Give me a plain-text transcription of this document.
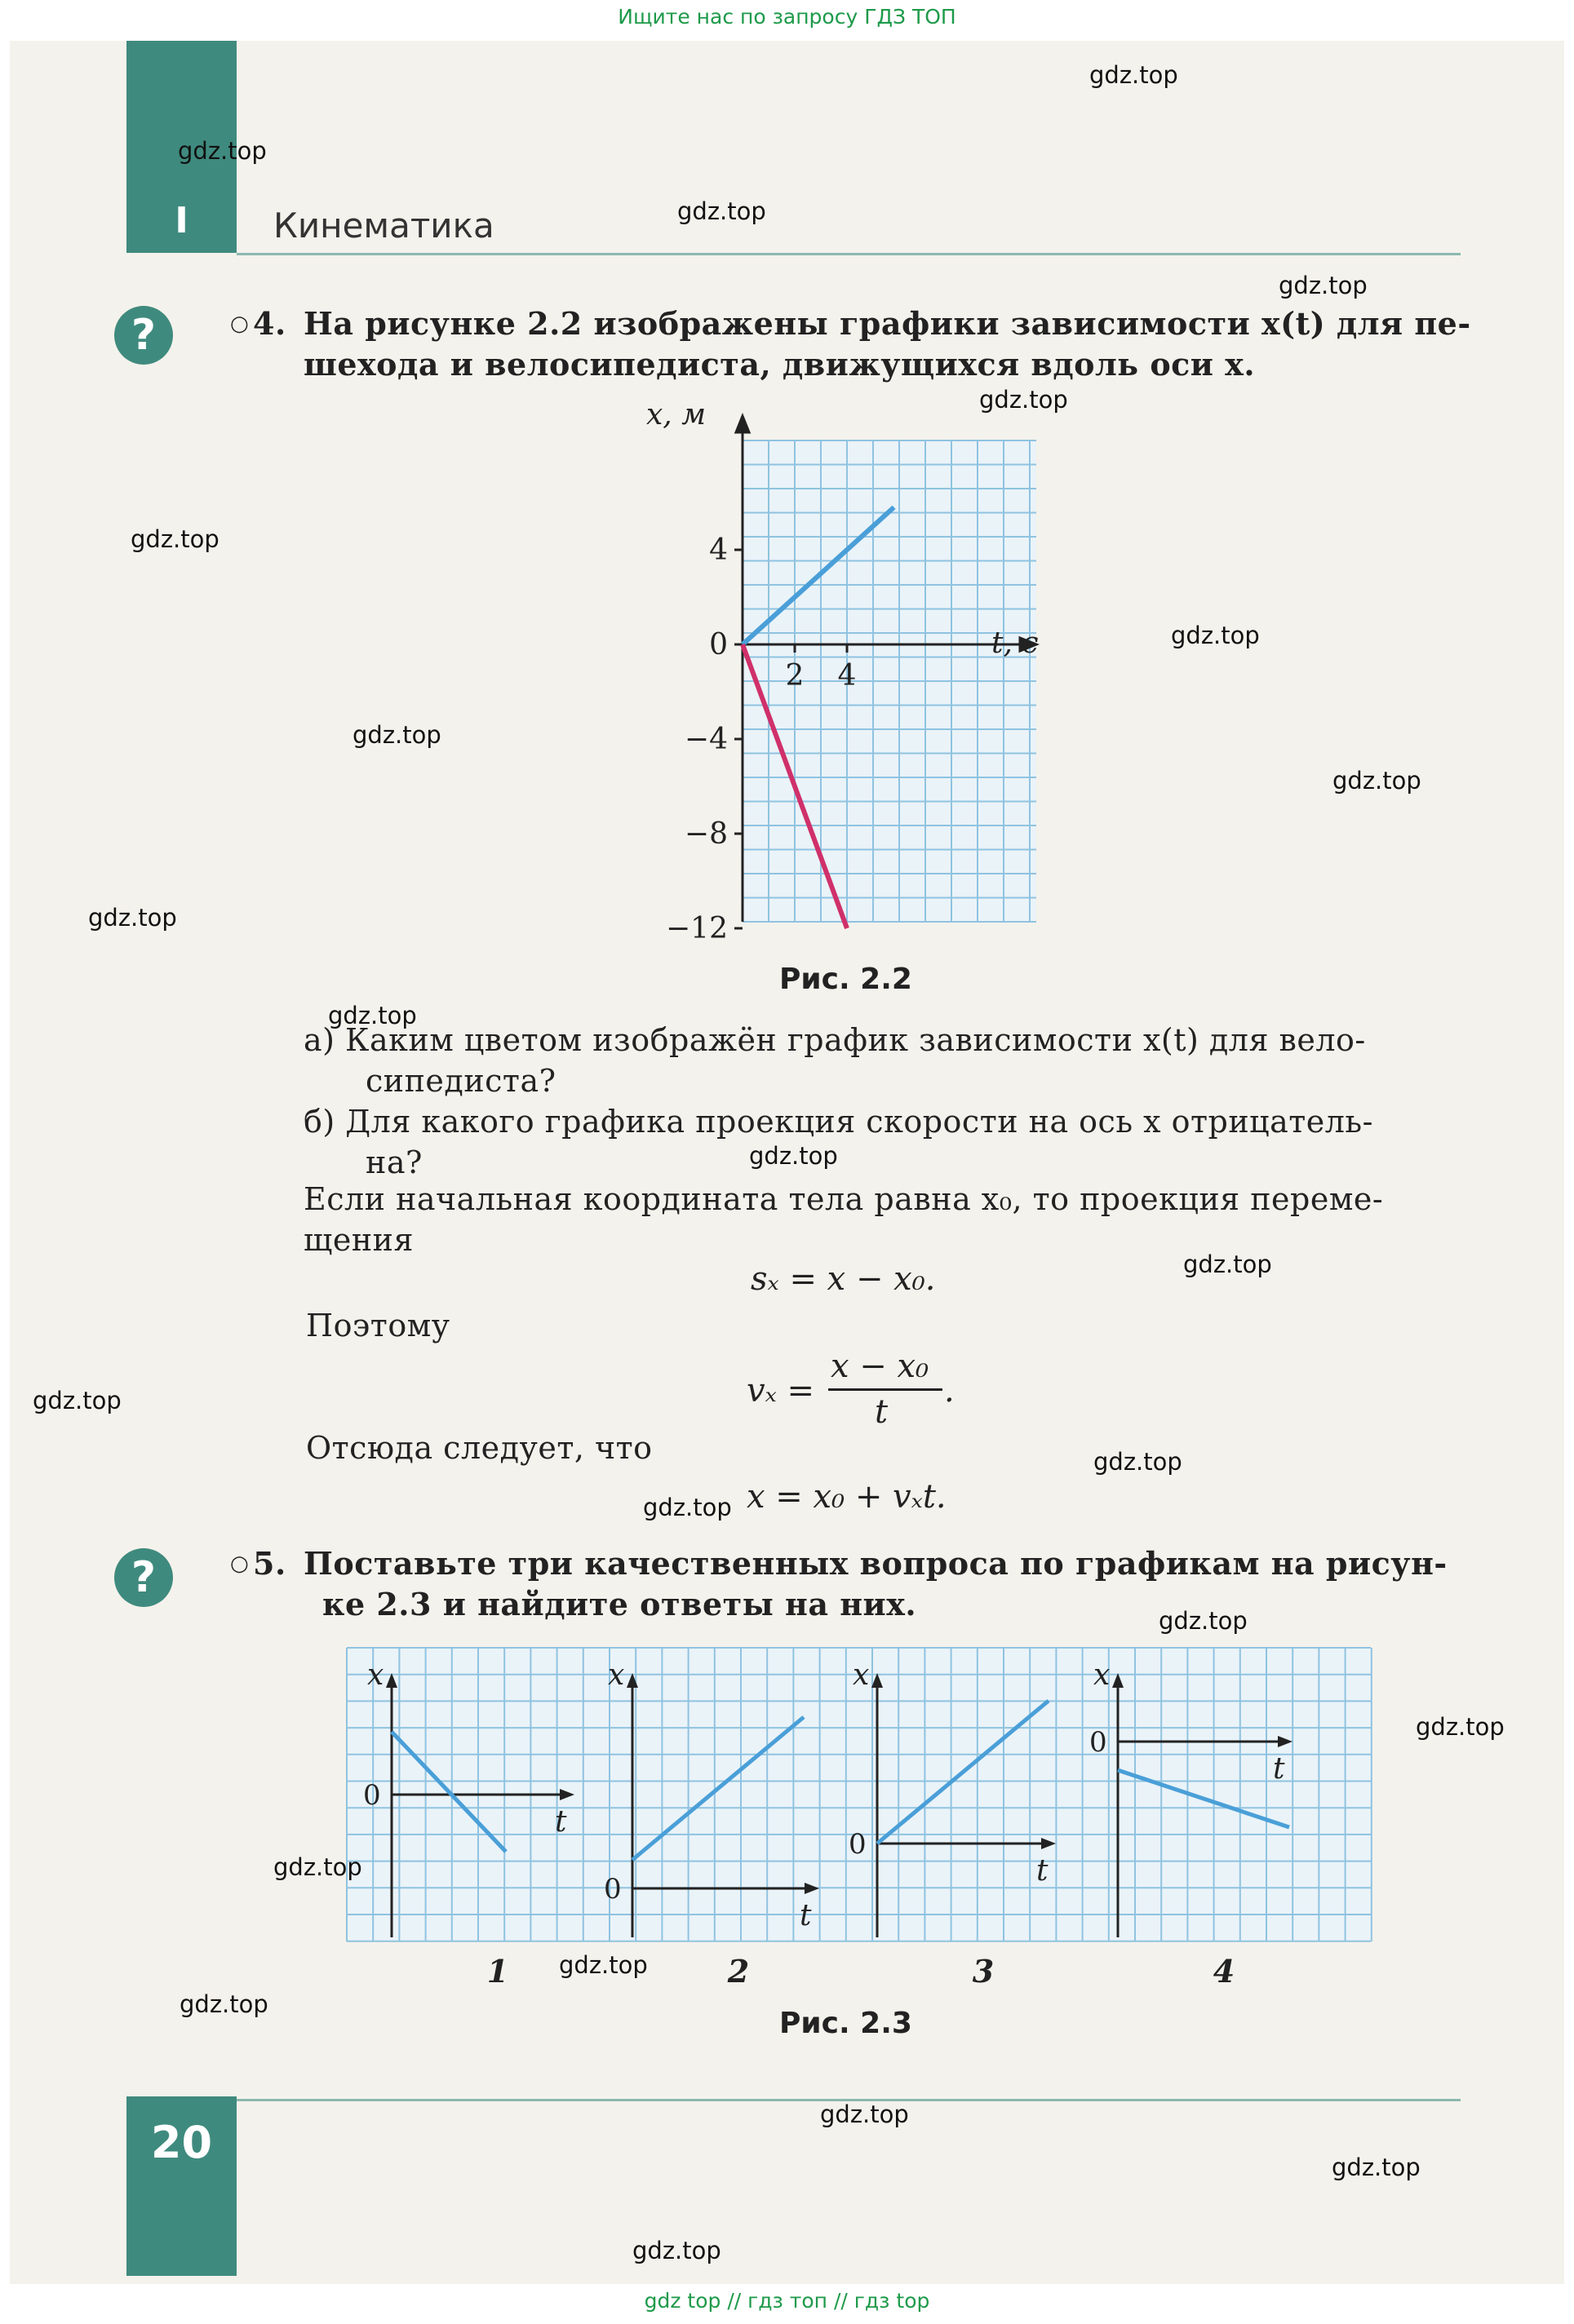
Ищите нас по запросу ГДЗ ТОП
I	Кинематика
?	○ 4. На рисунке 2.2 изображены графики зависимости x(t) для пе-
шехода и велосипедиста, движущихся вдоль оси x.
4
0
−4
−8
−12
2 4
x, м
t, с
Рис. 2.2
а) Каким цветом изображён график зависимости x(t) для вело-
сипедиста?
б) Для какого графика проекция скорости на ось x отрицатель-
на?
Если начальная координата тела равна x₀, то проекция переме-
щения
sₓ = x − x₀.
Поэтому
vₓ =
x − x₀
t
.
Отсюда следует, что
x = x₀ + vₓt.
?	○ 5. Поставьте три качественных вопроса по графикам на рисун-
ке 2.3 и найдите ответы на них.
x
t
0
1
x
t
0
2
x
t
0
3
x
t
0
4
Рис. 2.3
20
gdz.top
gdz.top
gdz.top
gdz.top
gdz.top
gdz.top
gdz.top
gdz.top
gdz.top
gdz.top
gdz.top
gdz.top
gdz.top
gdz.top
gdz.top
gdz.top
gdz.top
gdz.top
gdz.top
gdz.top
gdz.top
gdz.top
gdz.top
gdz.top
gdz top // гдз топ // гдз top
